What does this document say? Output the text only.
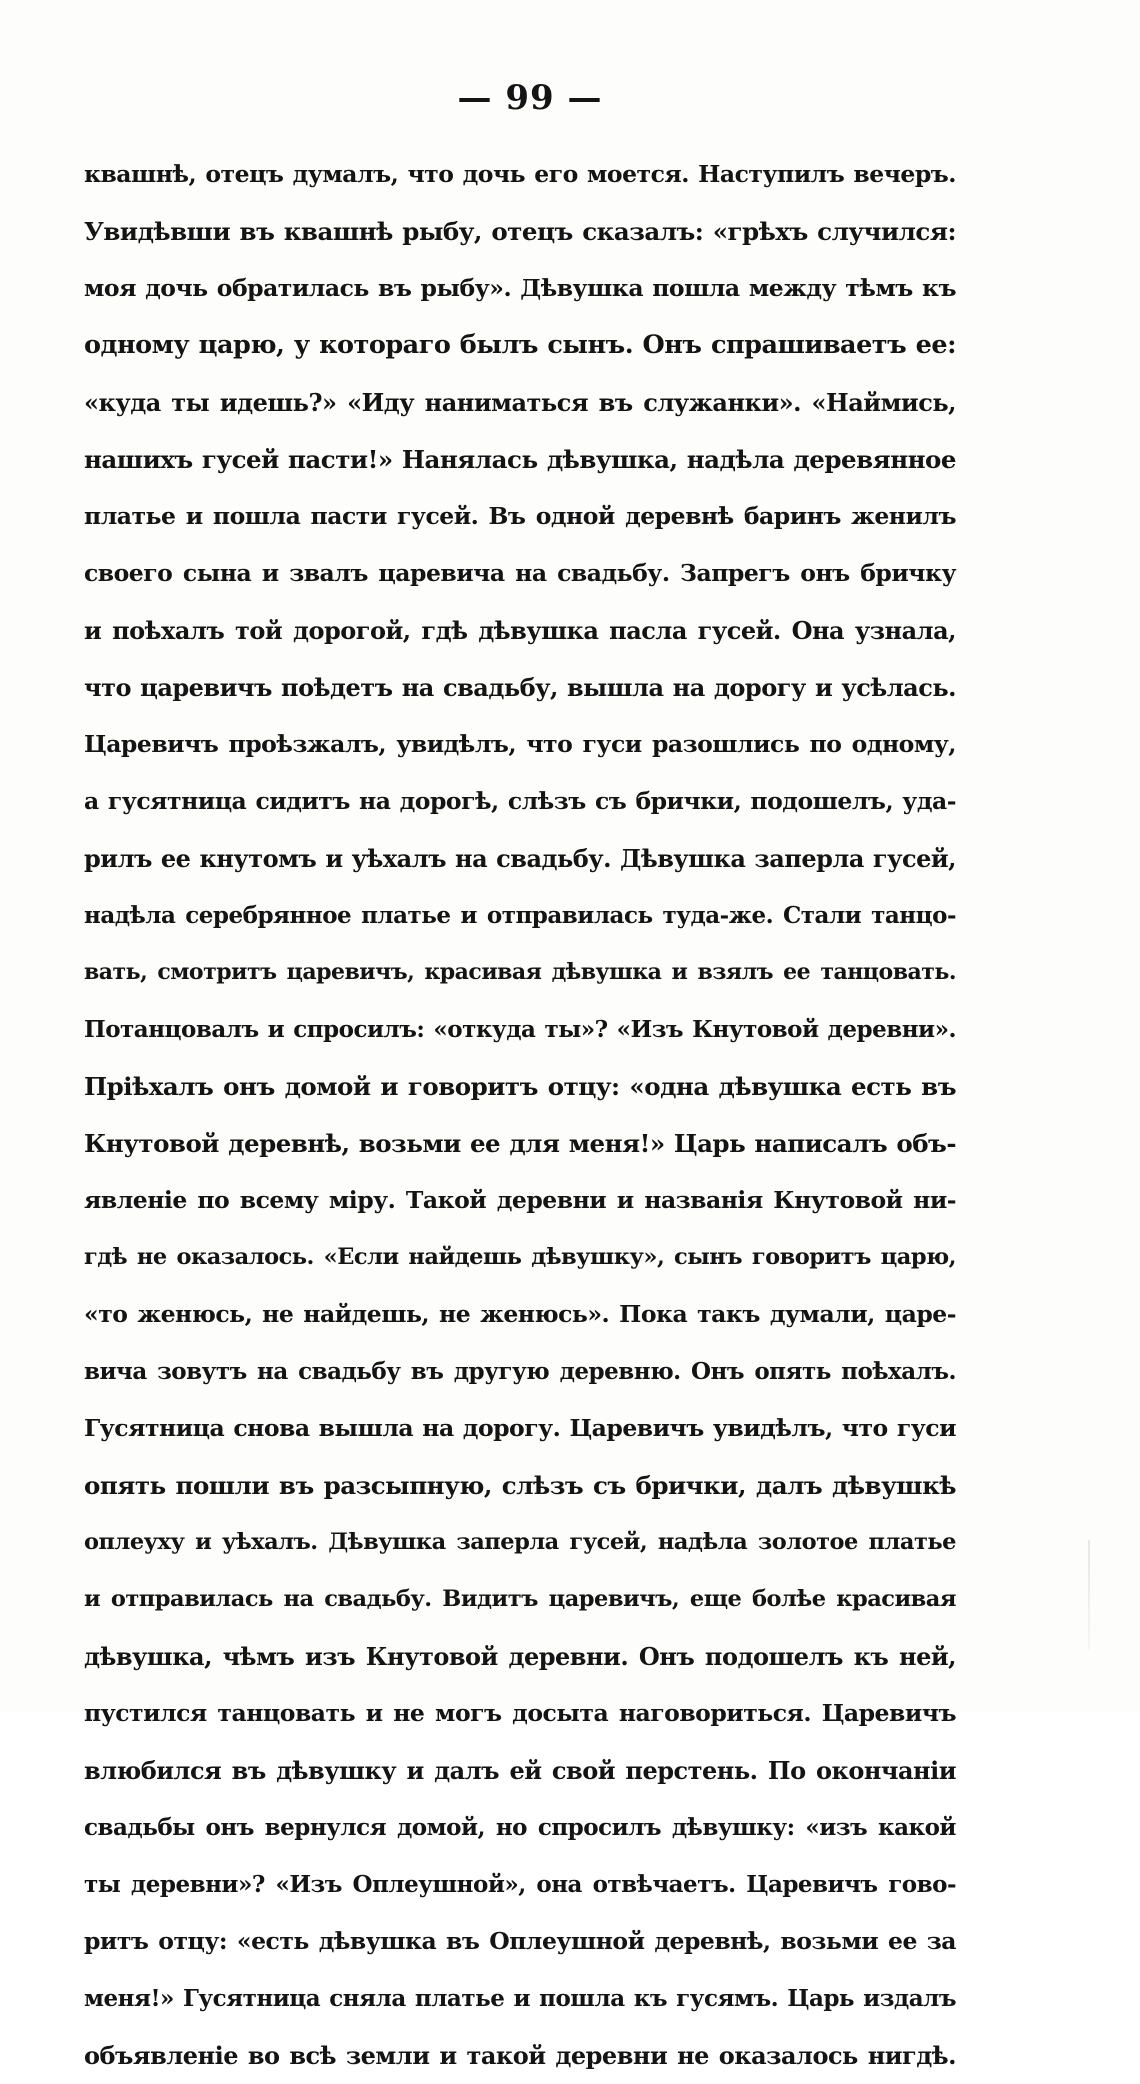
— 99 —
квашнѣ, отецъ думалъ, что дочь его моется. Наступилъ вечеръ.
Увидѣвши въ квашнѣ рыбу, отецъ сказалъ: «грѣхъ случился:
моя дочь обратилась въ рыбу». Дѣвушка пошла между тѣмъ къ
одному царю, у котораго былъ сынъ. Онъ спрашиваетъ ее:
«куда ты идешь?» «Иду наниматься въ служанки». «Наймись,
нашихъ гусей пасти!» Нанялась дѣвушка, надѣла деревянное
платье и пошла пасти гусей. Въ одной деревнѣ баринъ женилъ
своего сына и звалъ царевича на свадьбу. Запрегъ онъ бричку
и поѣхалъ той дорогой, гдѣ дѣвушка пасла гусей. Она узнала,
что царевичъ поѣдетъ на свадьбу, вышла на дорогу и усѣлась.
Царевичъ проѣзжалъ, увидѣлъ, что гуси разошлись по одному,
а гусятница сидитъ на дорогѣ, слѣзъ съ брички, подошелъ, уда-
рилъ ее кнутомъ и уѣхалъ на свадьбу. Дѣвушка заперла гусей,
надѣла серебрянное платье и отправилась туда-же. Стали танцо-
вать, смотритъ царевичъ, красивая дѣвушка и взялъ ее танцовать.
Потанцовалъ и спросилъ: «откуда ты»? «Изъ Кнутовой деревни».
Пріѣхалъ онъ домой и говоритъ отцу: «одна дѣвушка есть въ
Кнутовой деревнѣ, возьми ее для меня!» Царь написалъ объ-
явленіе по всему міру. Такой деревни и названія Кнутовой ни-
гдѣ не оказалось. «Если найдешь дѣвушку», сынъ говоритъ царю,
«то женюсь, не найдешь, не женюсь». Пока такъ думали, царе-
вича зовутъ на свадьбу въ другую деревню. Онъ опять поѣхалъ.
Гусятница снова вышла на дорогу. Царевичъ увидѣлъ, что гуси
опять пошли въ разсыпную, слѣзъ съ брички, далъ дѣвушкѣ
оплеуху и уѣхалъ. Дѣвушка заперла гусей, надѣла золотое платье
и отправилась на свадьбу. Видитъ царевичъ, еще болѣе красивая
дѣвушка, чѣмъ изъ Кнутовой деревни. Онъ подошелъ къ ней,
пустился танцовать и не могъ досыта наговориться. Царевичъ
влюбился въ дѣвушку и далъ ей свой перстень. По окончаніи
свадьбы онъ вернулся домой, но спросилъ дѣвушку: «изъ какой
ты деревни»? «Изъ Оплеушной», она отвѣчаетъ. Царевичъ гово-
ритъ отцу: «есть дѣвушка въ Оплеушной деревнѣ, возьми ее за
меня!» Гусятница сняла платье и пошла къ гусямъ. Царь издалъ
объявленіе во всѣ земли и такой деревни не оказалось нигдѣ.
